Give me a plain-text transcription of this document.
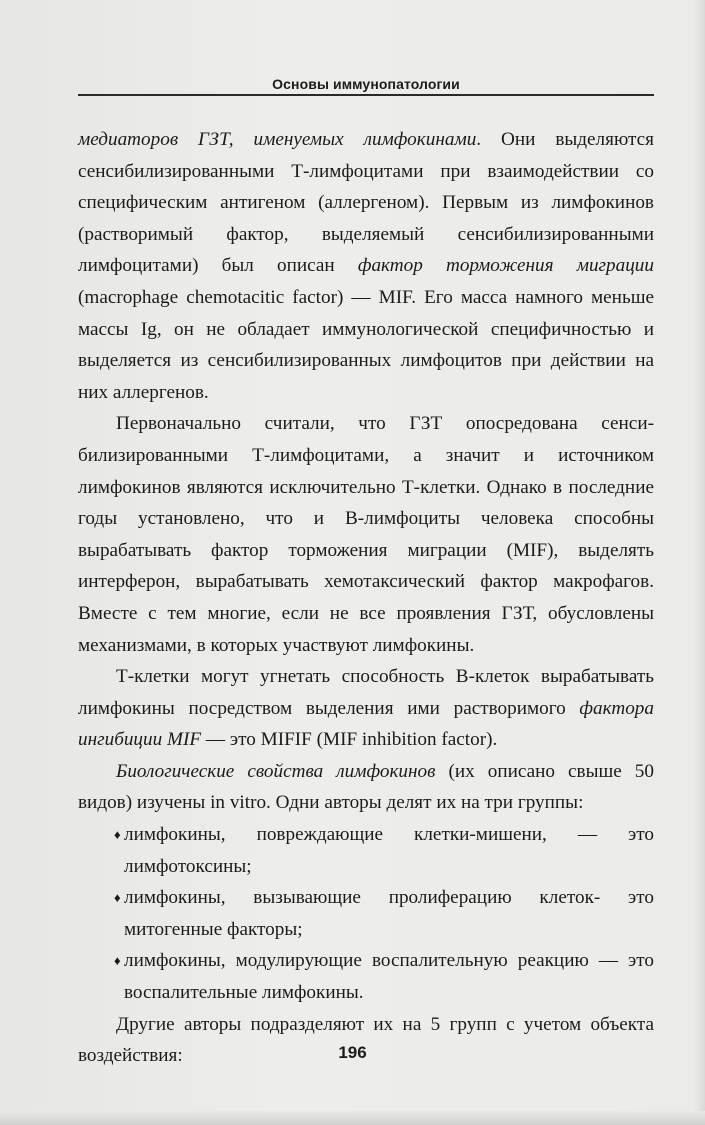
Основы иммунопатологии

медиаторов ГЗТ, именуемых лимфокинами. Они выделяются сенсибилизированными Т-лимфоцитами при взаимодействии со специфическим антигеном (аллергеном). Первым из лимфокинов (растворимый фактор, выделяемый сенсибилизированными лимфоцитами) был описан фактор торможения миграции (macrophage chemotacitic factor) — MIF. Его масса намного меньше массы Ig, он не обладает иммунологической специфичностью и выделяется из сенсибилизированных лимфоцитов при действии на них аллергенов.

Первоначально считали, что ГЗТ опосредована сенсибилизированными Т-лимфоцитами, а значит и источником лимфокинов являются исключительно Т-клетки. Однако в последние годы установлено, что и В-лимфоциты человека способны вырабатывать фактор торможения миграции (MIF), выделять интерферон, вырабатывать хемотаксический фактор макрофагов. Вместе с тем многие, если не все проявления ГЗТ, обусловлены механизмами, в которых участвуют лимфокины.

Т-клетки могут угнетать способность В-клеток вырабатывать лимфокины посредством выделения ими растворимого фактора ингибиции MIF — это MIFIF (MIF inhibition factor).

Биологические свойства лимфокинов (их описано свыше 50 видов) изучены in vitro. Одни авторы делят их на три группы:

♦ лимфокины, повреждающие клетки-мишени, — это лимфотоксины;
♦ лимфокины, вызывающие пролиферацию клеток- это митогенные факторы;
♦ лимфокины, модулирующие воспалительную реакцию — это воспалительные лимфокины.

Другие авторы подразделяют их на 5 групп с учетом объекта воздействия:	196
